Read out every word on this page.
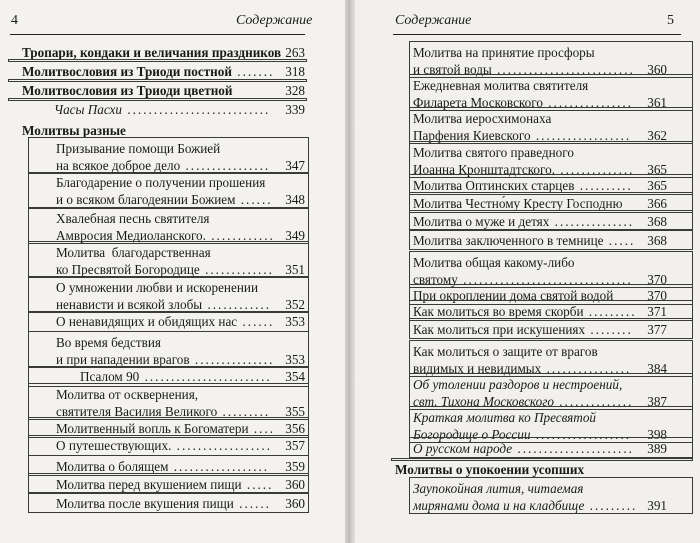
4	Содержание
Тропари, кондаки и величания праздников 263
Молитвословия из Триоди постной ....... 318
Молитвословия из Триоди цветной	328
Часы Пасхи ...........................	339
Молитвы разные
Призывание помощи Божией
на всякое доброе дело ................	347
Благодарение о получении прошения
и о всяком благодеянии Божием ...... 348
Хвалебная песнь святителя
Амвросия Медиоланского. ............ 349
Молитва  благодарственная
ко Пресвятой Богородице ............. 351
О умножении любви и искоренении
ненависти и всякой злобы ............	352
О ненавидящих и обидящих нас ...... 353
Во время бедствия
и при нападении врагов ............... 353
Псалом 90 ........................	354
Молитва от осквернения,
святителя Василия Великого .........	355
Молитвенный вопль к Богоматери .... 356
О путешествующих. ..................	357
Молитва о болящем ..................	359
Молитва перед вкушением пищи ..... 360
Молитва после вкушения пищи ......	360
Содержание	5
Молитва на принятие просфоры
и святой воды .......................... 360
Ежедневная молитва святителя
Филарета Московского ................	361
Молитва иеросхимонаха
Парфения Киевского ..................	362
Молитва святого праведного
Иоанна Кронштадтского. .............. 365
Молитва Оптинских старцев ..........	365
Молитва Честно́му Кресту Господню	366
Молитва о муже и детях ............... 368
Молитва заключенного в темнице ..... 368
Молитва общая какому-либо
святому ................................	370
При окроплении дома святой водой	370
Как молиться во время скорби ......... 371
Как молиться при искушениях ........	377
Как молиться о защите от врагов
видимых и невидимых ................	384
Об утолении раздоров и нестроений,
свт. Тихона Московского ..............	387
Краткая молитва ко Пресвятой
Богородице о России ..................	398
О русском народе ......................	389
Молитвы о упокоении усопших
Заупокойная лития, читаемая
мирянами дома и на кладбище ......... 391
